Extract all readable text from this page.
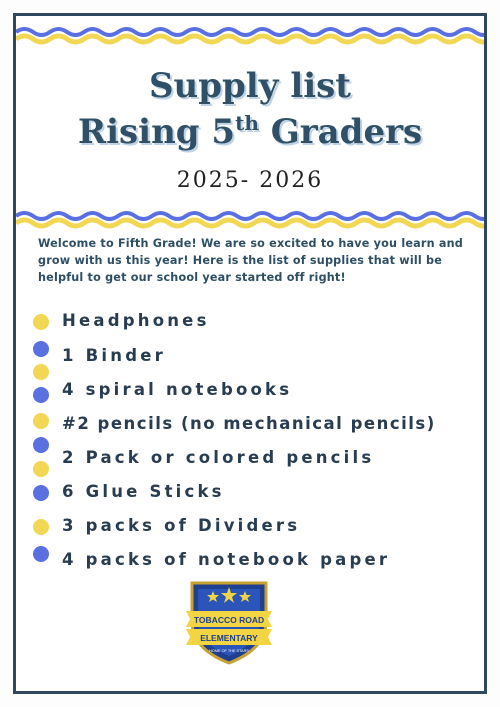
Supply list
Rising 5th Graders
2025- 2026
Welcome to Fifth Grade! We are so excited to have you learn and grow with us this year! Here is the list of supplies that will be helpful to get our school year started off right!
Headphones
1 Binder
4 spiral notebooks
#2 pencils (no mechanical pencils)
2 Pack or colored pencils
6 Glue Sticks
3 packs of Dividers
4 packs of notebook paper
TOBACCO ROAD
ELEMENTARY
HOME OF THE STARS
